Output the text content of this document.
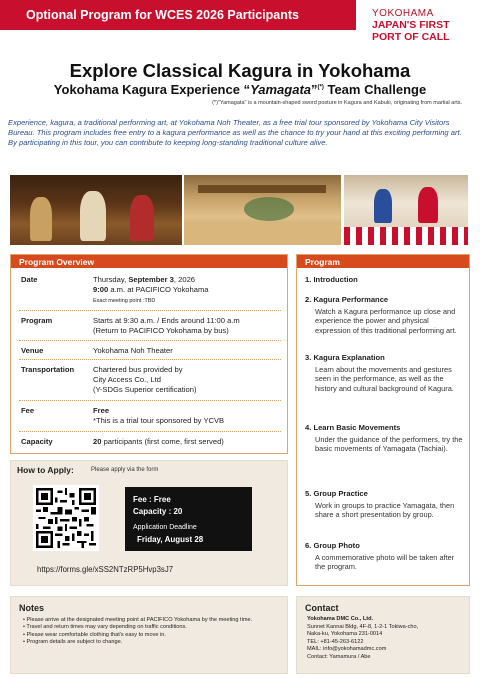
Optional Program for WCES 2026 Participants	YOKOHAMA
JAPAN'S FIRST
PORT OF CALL
Explore Classical Kagura in Yokohama
Yokohama Kagura Experience “Yamagata”(*) Team Challenge
(*)"Yamagata" is a mountain-shaped sword posture in Kagura and Kabuki, originating from martial arts.

Experience, kagura, a traditional performing art, at Yokohama Noh Theater, as a free trial tour sponsored by Yokohama City Visitors Bureau. This program includes free entry to a kagura performance as well as the chance to try your hand at this exciting performing art.

By participating in this tour, you can contribute to keeping long-standing traditional culture alive.

Program Overview
Date	Thursday, September 3, 2026
9:00 a.m. at PACIFICO Yokohama
Exact meeting point :TBD
Program	Starts at 9:30 a.m. / Ends around 11:00 a.m
(Return to PACIFICO Yokohama by bus)
Venue	Yokohama Noh Theater
Transportation	Chartered bus provided by
City Access Co., Ltd
(Y-SDGs Superior certification)
Fee	Free
*This is a trial tour sponsored by YCVB
Capacity	20 participants (first come, first served)
Program
1. Introduction
2. Kagura Performance
Watch a Kagura performance up close and experience the power and physical expression of this traditional performing art.
3. Kagura Explanation
Learn about the movements and gestures seen in the performance, as well as the history and cultural background of Kagura.
4. Learn Basic Movements
Under the guidance of the performers, try the basic movements of Yamagata (Tachiai).
5. Group Practice
Work in groups to practice Yamagata, then share a short presentation by group.
6. Group Photo
A commemorative photo will be taken after the program.
How to Apply:	Please apply via the form
Fee : Free
Capacity : 20
Application Deadline
Friday, August 28
https://forms.gle/xSS2NTzRP5Hvp3sJ7
Notes
• Please arrive at the designated meeting point at PACIFICO Yokohama by the meeting time.
• Travel and return times may vary depending on traffic conditions.
• Please wear comfortable clothing that's easy to move in.
• Program details are subject to change.
Contact
Yokohama DMC Co., Ltd.
Sunnet Kannai Bldg, 4F-8, 1-2-1 Tokiwa-cho,
Naka-ku, Yokohama 231-0014
TEL: +81-45-263-6122
MAIL: info@yokohamadmc.com
Contact: Yamamura / Abe
